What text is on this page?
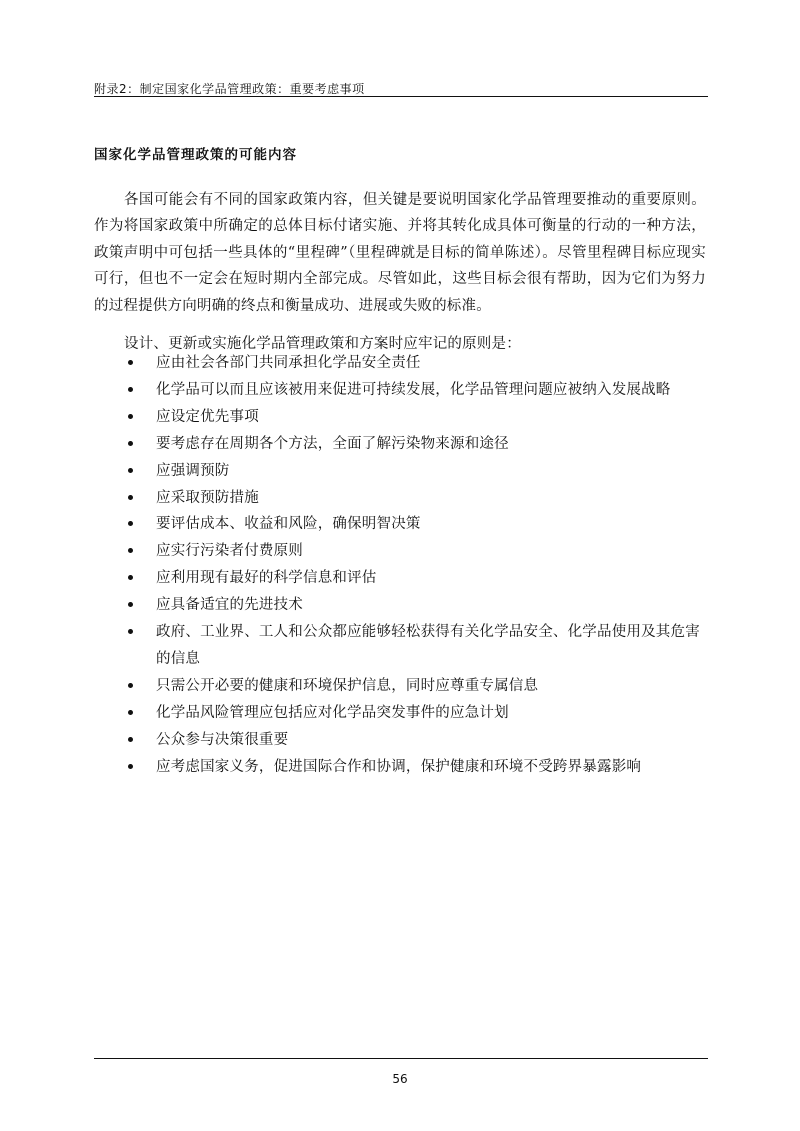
附录2：制定国家化学品管理政策：重要考虑事项
国家化学品管理政策的可能内容

各国可能会有不同的国家政策内容，但关键是要说明国家化学品管理要推动的重要原则。作为将国家政策中所确定的总体目标付诸实施、并将其转化成具体可衡量的行动的一种方法，政策声明中可包括一些具体的“里程碑”（里程碑就是目标的简单陈述）。尽管里程碑目标应现实可行，但也不一定会在短时期内全部完成。尽管如此，这些目标会很有帮助，因为它们为努力的过程提供方向明确的终点和衡量成功、进展或失败的标准。

设计、更新或实施化学品管理政策和方案时应牢记的原则是：

应由社会各部门共同承担化学品安全责任
化学品可以而且应该被用来促进可持续发展，化学品管理问题应被纳入发展战略
应设定优先事项
要考虑存在周期各个方法，全面了解污染物来源和途径
应强调预防
应采取预防措施
要评估成本、收益和风险，确保明智决策
应实行污染者付费原则
应利用现有最好的科学信息和评估
应具备适宜的先进技术
政府、工业界、工人和公众都应能够轻松获得有关化学品安全、化学品使用及其危害的信息
只需公开必要的健康和环境保护信息，同时应尊重专属信息
化学品风险管理应包括应对化学品突发事件的应急计划
公众参与决策很重要
应考虑国家义务，促进国际合作和协调，保护健康和环境不受跨界暴露影响
56
